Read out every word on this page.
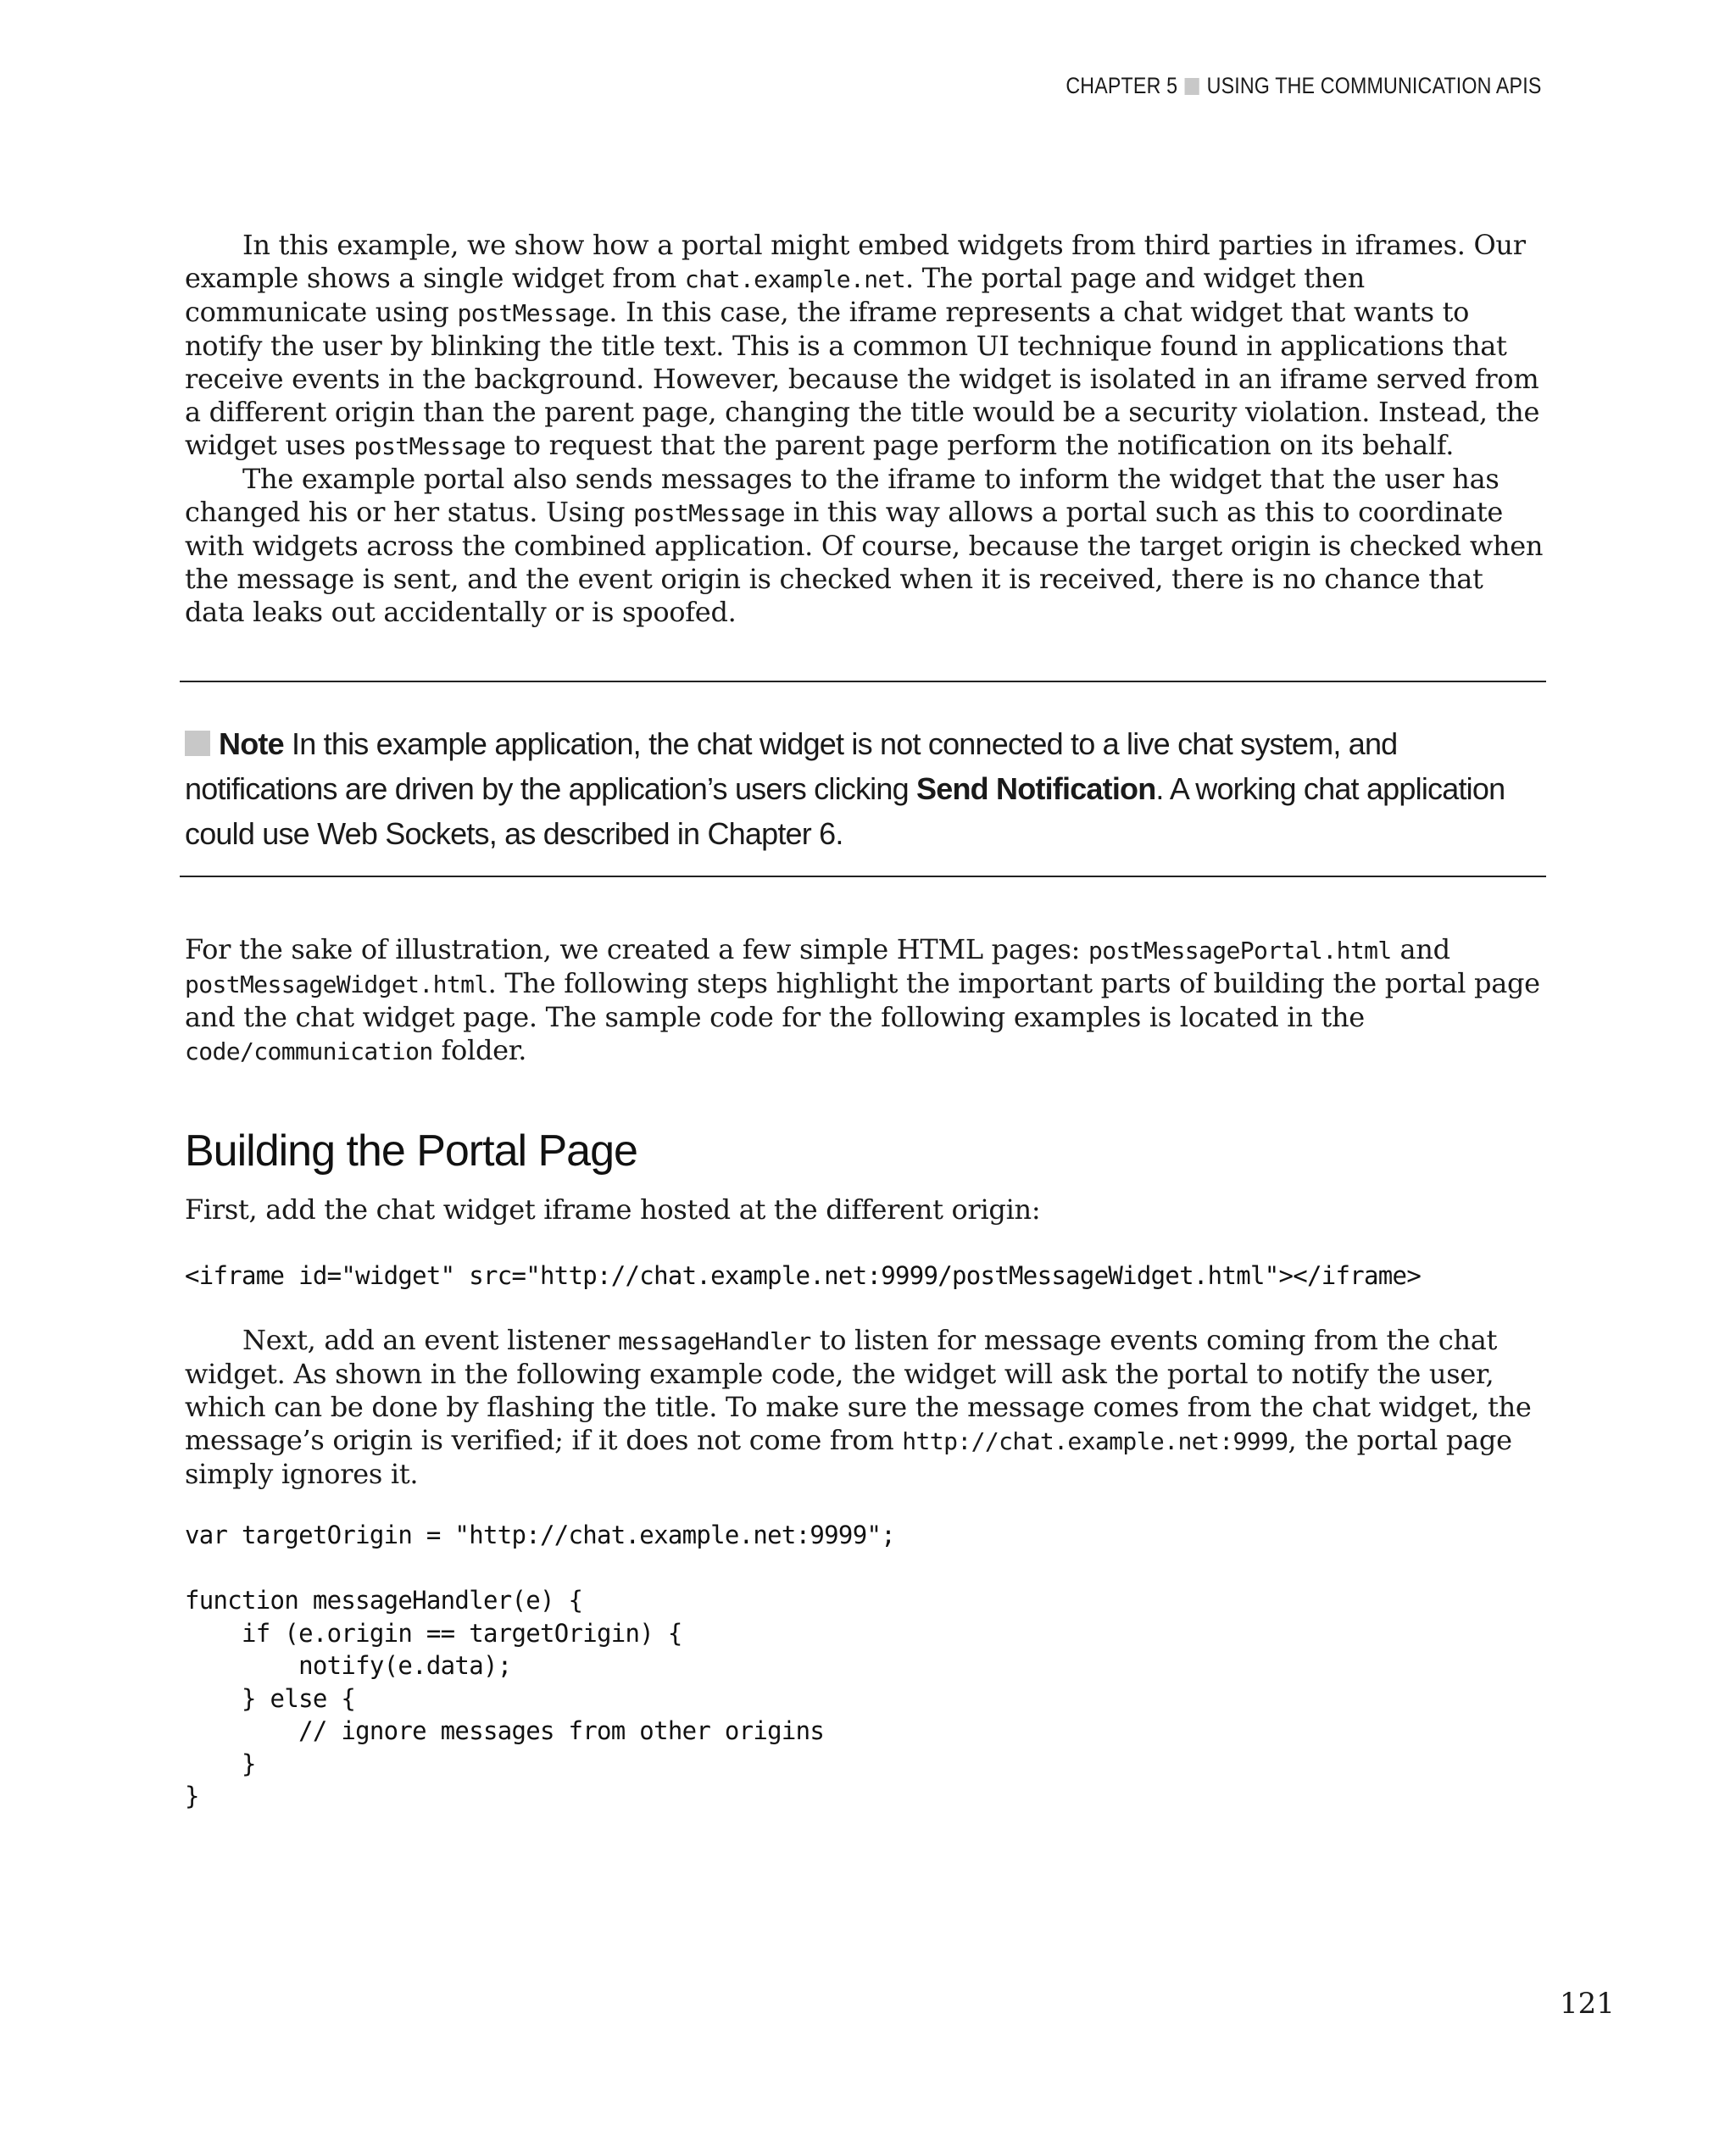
CHAPTER 5 USING THE COMMUNICATION APIS

In this example, we show how a portal might embed widgets from third parties in iframes. Our example shows a single widget from chat.example.net. The portal page and widget then communicate using postMessage. In this case, the iframe represents a chat widget that wants to notify the user by blinking the title text. This is a common UI technique found in applications that receive events in the background. However, because the widget is isolated in an iframe served from a different origin than the parent page, changing the title would be a security violation. Instead, the widget uses postMessage to request that the parent page perform the notification on its behalf.

The example portal also sends messages to the iframe to inform the widget that the user has changed his or her status. Using postMessage in this way allows a portal such as this to coordinate with widgets across the combined application. Of course, because the target origin is checked when the message is sent, and the event origin is checked when it is received, there is no chance that data leaks out accidentally or is spoofed.

Note In this example application, the chat widget is not connected to a live chat system, and notifications are driven by the application’s users clicking Send Notification. A working chat application could use Web Sockets, as described in Chapter 6.

For the sake of illustration, we created a few simple HTML pages: postMessagePortal.html and postMessageWidget.html. The following steps highlight the important parts of building the portal page and the chat widget page. The sample code for the following examples is located in the code/communication folder.

Building the Portal Page

First, add the chat widget iframe hosted at the different origin:

<iframe id="widget" src="http://chat.example.net:9999/postMessageWidget.html"></iframe>

Next, add an event listener messageHandler to listen for message events coming from the chat widget. As shown in the following example code, the widget will ask the portal to notify the user, which can be done by flashing the title. To make sure the message comes from the chat widget, the message’s origin is verified; if it does not come from http://chat.example.net:9999, the portal page simply ignores it.

var targetOrigin = "http://chat.example.net:9999";

function messageHandler(e) {
if (e.origin == targetOrigin) {
notify(e.data);
} else {
// ignore messages from other origins
}
}
121
